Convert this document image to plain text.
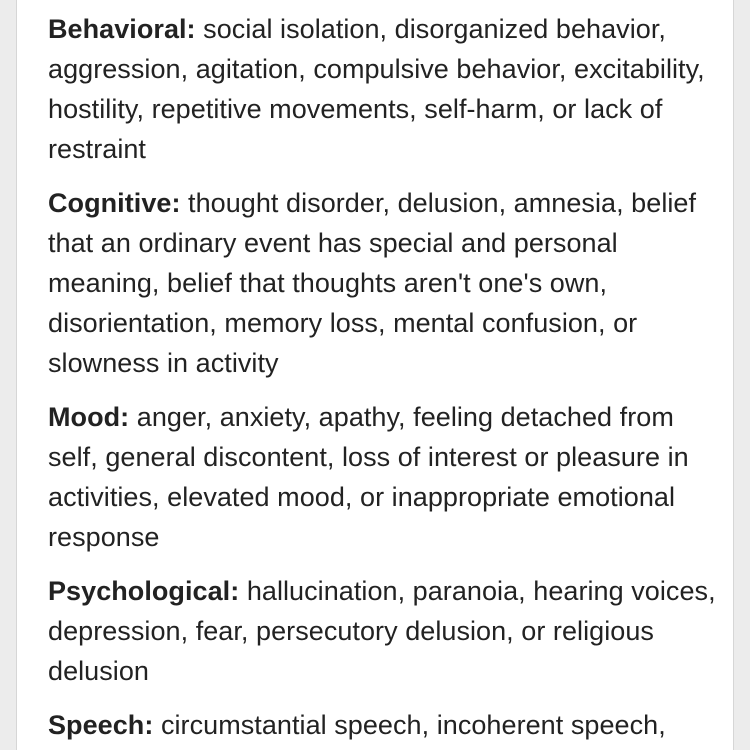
Behavioral: social isolation, disorganized behavior, aggression, agitation, compulsive behavior, excitability, hostility, repetitive movements, self-harm, or lack of restraint

Cognitive: thought disorder, delusion, amnesia, belief that an ordinary event has special and personal meaning, belief that thoughts aren't one's own, disorientation, memory loss, mental confusion, or slowness in activity

Mood: anger, anxiety, apathy, feeling detached from self, general discontent, loss of interest or pleasure in activities, elevated mood, or inappropriate emotional response

Psychological: hallucination, paranoia, hearing voices, depression, fear, persecutory delusion, or religious delusion

Speech: circumstantial speech, incoherent speech,
